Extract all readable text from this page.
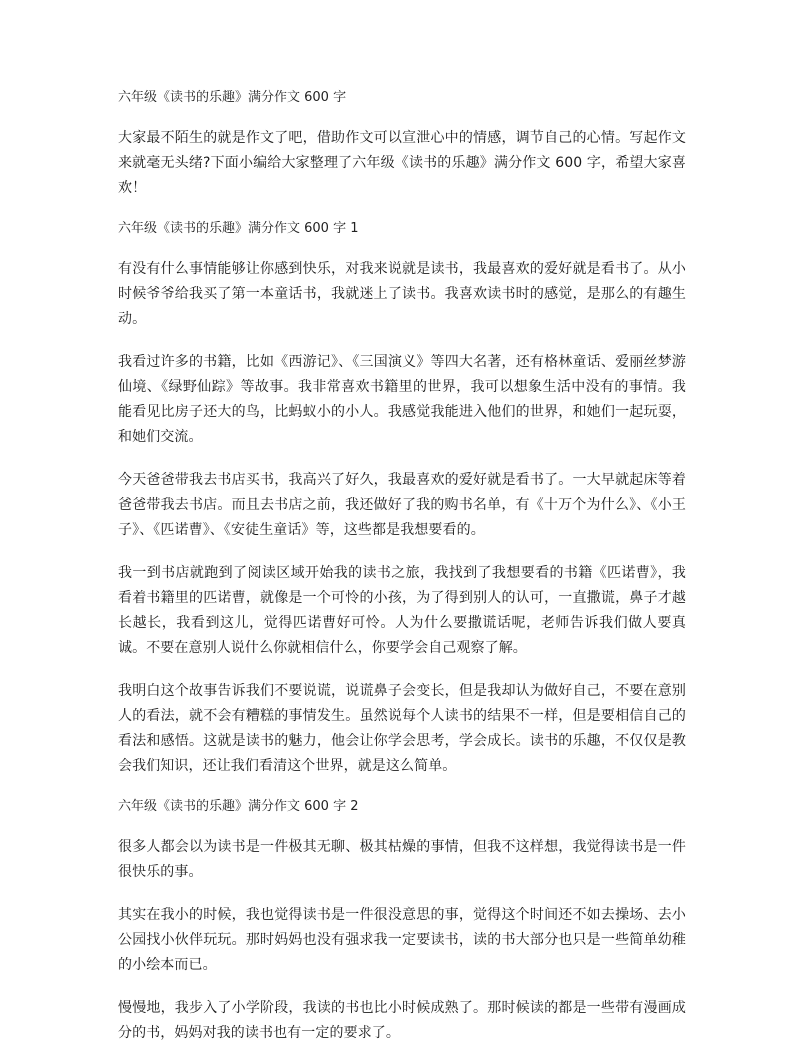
六年级《读书的乐趣》满分作文 600 字

大家最不陌生的就是作文了吧，借助作文可以宣泄心中的情感，调节自己的心情。写起作文来就毫无头绪?下面小编给大家整理了六年级《读书的乐趣》满分作文 600 字，希望大家喜欢！

六年级《读书的乐趣》满分作文 600 字 1

有没有什么事情能够让你感到快乐，对我来说就是读书，我最喜欢的爱好就是看书了。从小时候爷爷给我买了第一本童话书，我就迷上了读书。我喜欢读书时的感觉，是那么的有趣生动。

我看过许多的书籍，比如《西游记》、《三国演义》等四大名著，还有格林童话、爱丽丝梦游仙境、《绿野仙踪》等故事。我非常喜欢书籍里的世界，我可以想象生活中没有的事情。我能看见比房子还大的鸟，比蚂蚁小的小人。我感觉我能进入他们的世界，和她们一起玩耍，和她们交流。

今天爸爸带我去书店买书，我高兴了好久，我最喜欢的爱好就是看书了。一大早就起床等着爸爸带我去书店。而且去书店之前，我还做好了我的购书名单，有《十万个为什么》、《小王子》、《匹诺曹》、《安徒生童话》等，这些都是我想要看的。

我一到书店就跑到了阅读区域开始我的读书之旅，我找到了我想要看的书籍《匹诺曹》，我看着书籍里的匹诺曹，就像是一个可怜的小孩，为了得到别人的认可，一直撒谎，鼻子才越长越长，我看到这儿，觉得匹诺曹好可怜。人为什么要撒谎话呢，老师告诉我们做人要真诚。不要在意别人说什么你就相信什么，你要学会自己观察了解。

我明白这个故事告诉我们不要说谎，说谎鼻子会变长，但是我却认为做好自己，不要在意别人的看法，就不会有糟糕的事情发生。虽然说每个人读书的结果不一样，但是要相信自己的看法和感悟。这就是读书的魅力，他会让你学会思考，学会成长。读书的乐趣，不仅仅是教会我们知识，还让我们看清这个世界，就是这么简单。

六年级《读书的乐趣》满分作文 600 字 2

很多人都会以为读书是一件极其无聊、极其枯燥的事情，但我不这样想，我觉得读书是一件很快乐的事。

其实在我小的时候，我也觉得读书是一件很没意思的事，觉得这个时间还不如去操场、去小公园找小伙伴玩玩。那时妈妈也没有强求我一定要读书，读的书大部分也只是一些简单幼稚的小绘本而已。

慢慢地，我步入了小学阶段，我读的书也比小时候成熟了。那时候读的都是一些带有漫画成分的书，妈妈对我的读书也有一定的要求了。
